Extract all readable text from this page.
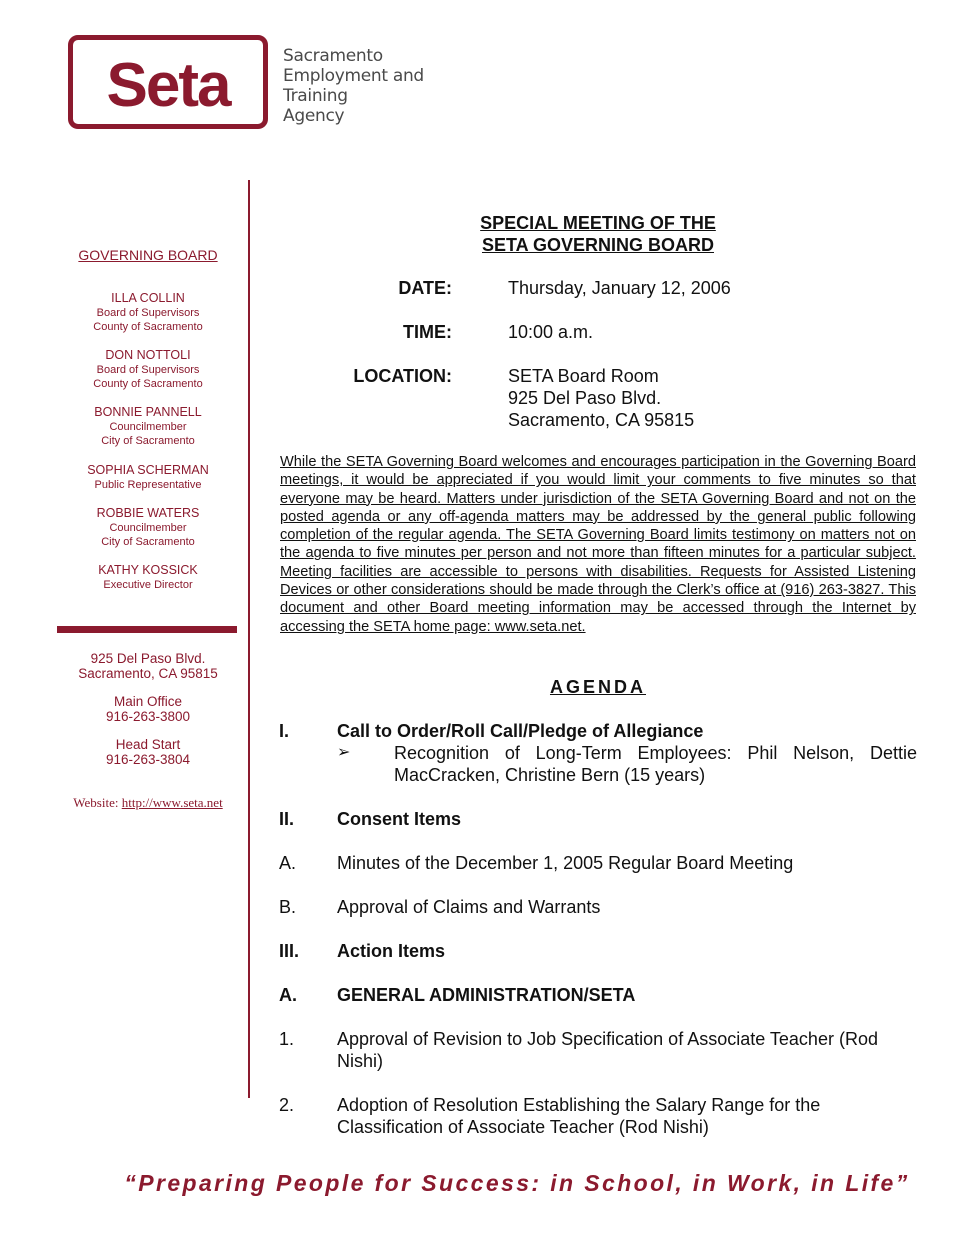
Seta	Sacramento
Employment and
Training
Agency
GOVERNING BOARD
ILLA COLLIN
Board of Supervisors
County of Sacramento
DON NOTTOLI
Board of Supervisors
County of Sacramento
BONNIE PANNELL
Councilmember
City of Sacramento
SOPHIA SCHERMAN
Public Representative
ROBBIE WATERS
Councilmember
City of Sacramento
KATHY KOSSICK
Executive Director
925 Del Paso Blvd.
Sacramento, CA 95815
Main Office
916-263-3800
Head Start
916-263-3804
Website: http://www.seta.net
SPECIAL MEETING OF THE
SETA GOVERNING BOARD
DATE:	Thursday, January 12, 2006
TIME:	10:00 a.m.
LOCATION:	SETA Board Room
925 Del Paso Blvd.
Sacramento, CA 95815
While the SETA Governing Board welcomes and encourages participation in the Governing Board meetings, it would be appreciated if you would limit your comments to five minutes so that everyone may be heard. Matters under jurisdiction of the SETA Governing Board and not on the posted agenda or any off-agenda matters may be addressed by the general public following completion of the regular agenda. The SETA Governing Board limits testimony on matters not on the agenda to five minutes per person and not more than fifteen minutes for a particular subject. Meeting facilities are accessible to persons with disabilities. Requests for Assisted Listening Devices or other considerations should be made through the Clerk’s office at (916) 263-3827. This document and other Board meeting information may be accessed through the Internet by accessing the SETA home page: www.seta.net.
AGENDA
I.	Call to Order/Roll Call/Pledge of Allegiance
➢ Recognition of Long-Term Employees: Phil Nelson, Dettie MacCracken, Christine Bern (15 years)
II. Consent Items
A. Minutes of the December 1, 2005 Regular Board Meeting
B. Approval of Claims and Warrants
III. Action Items
A. GENERAL ADMINISTRATION/SETA
1. Approval of Revision to Job Specification of Associate Teacher (Rod Nishi)
2. Adoption of Resolution Establishing the Salary Range for the Classification of Associate Teacher (Rod Nishi)
“Preparing People for Success: in School, in Work, in Life”
